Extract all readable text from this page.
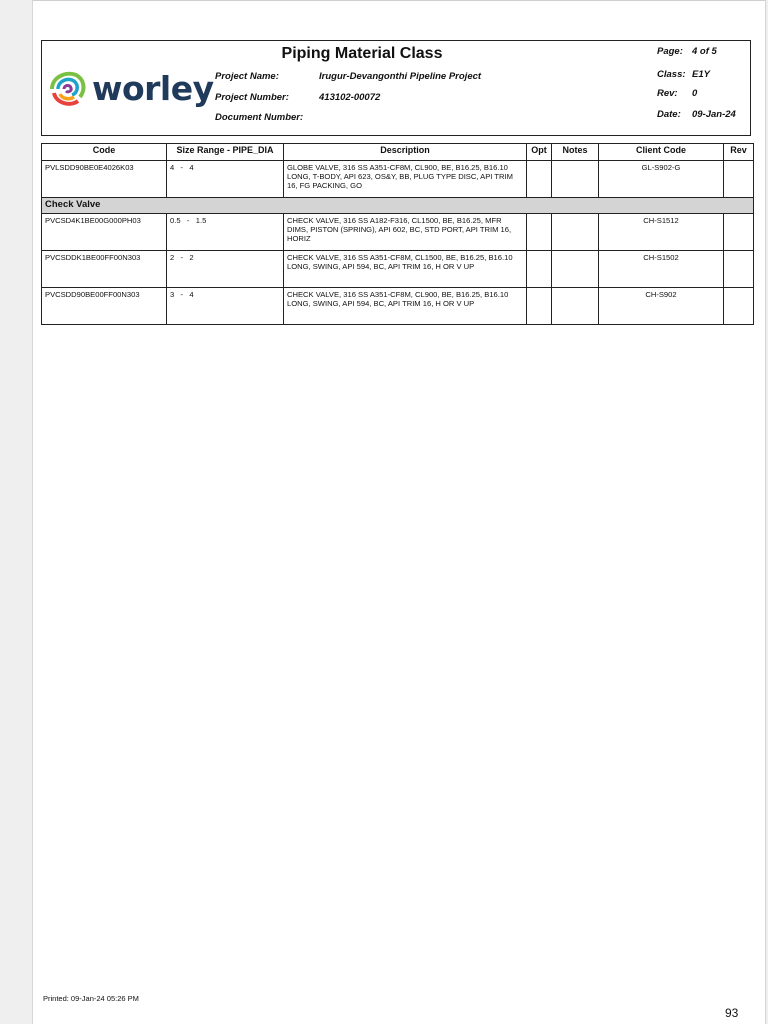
Piping Material Class
worley Project Name:	Irugur-Devangonthi Pipeline Project
Project Number:	413102-00072
Document Number:
Page: 4 of 5
Class: E1Y
Rev: 0
Date: 09-Jan-24
Code	Size Range - PIPE_DIA	Description	Opt	Notes	Client Code	Rev
PVLSDD90BE0E4026K03	4   -   4	GLOBE VALVE, 316 SS A351-CF8M, CL900, BE, B16.25, B16.10 LONG, T-BODY, API 623, OS&Y, BB, PLUG TYPE DISC, API TRIM 16, FG PACKING, GO			GL-S902-G	
Check Valve						
PVCSD4K1BE00G000PH03	0.5   -   1.5	CHECK VALVE, 316 SS A182-F316, CL1500, BE, B16.25, MFR DIMS, PISTON (SPRING), API 602, BC, STD PORT, API TRIM 16, HORIZ			CH-S1512	
PVCSDDK1BE00FF00N303	2   -   2	CHECK VALVE, 316 SS A351-CF8M, CL1500, BE, B16.25, B16.10 LONG, SWING, API 594, BC, API TRIM 16, H OR V UP			CH-S1502	
PVCSDD90BE00FF00N303	3   -   4	CHECK VALVE, 316 SS A351-CF8M, CL900, BE, B16.25, B16.10 LONG, SWING, API 594, BC, API TRIM 16, H OR V UP			CH-S902	
Printed: 09-Jan-24 05:26 PM
93
